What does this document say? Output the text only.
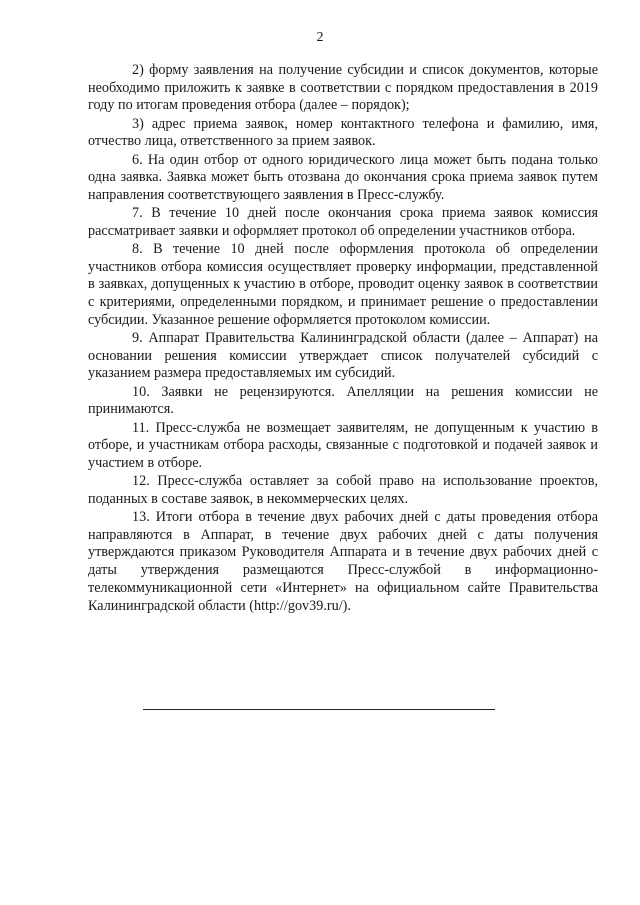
2

2) форму заявления на получение субсидии и список документов, которые необходимо приложить к заявке в соответствии с порядком предоставления в 2019 году по итогам проведения отбора (далее – порядок);

3) адрес приема заявок, номер контактного телефона и фамилию, имя, отчество лица, ответственного за прием заявок.

6. На один отбор от одного юридического лица может быть подана только одна заявка. Заявка может быть отозвана до окончания срока приема заявок путем направления соответствующего заявления в Пресс-службу.

7. В течение 10 дней после окончания срока приема заявок комиссия рассматривает заявки и оформляет протокол об определении участников отбора.

8. В течение 10 дней после оформления протокола об определении участников отбора комиссия осуществляет проверку информации, представленной в заявках, допущенных к участию в отборе, проводит оценку заявок в соответствии с критериями, определенными порядком, и принимает решение о предоставлении субсидии. Указанное решение оформляется протоколом комиссии.

9. Аппарат Правительства Калининградской области (далее – Аппарат) на основании решения комиссии утверждает список получателей субсидий с указанием размера предоставляемых им субсидий.

10. Заявки не рецензируются. Апелляции на решения комиссии не принимаются.

11. Пресс-служба не возмещает заявителям, не допущенным к участию в отборе, и участникам отбора расходы, связанные с подготовкой и подачей заявок и участием в отборе.

12. Пресс-служба оставляет за собой право на использование проектов, поданных в составе заявок, в некоммерческих целях.

13. Итоги отбора в течение двух рабочих дней с даты проведения отбора направляются в Аппарат, в течение двух рабочих дней с даты получения утверждаются приказом Руководителя Аппарата и в течение двух рабочих дней с даты утверждения размещаются Пресс-службой в информационно-телекоммуникационной сети «Интернет» на официальном сайте Правительства Калининградской области (http://gov39.ru/).
